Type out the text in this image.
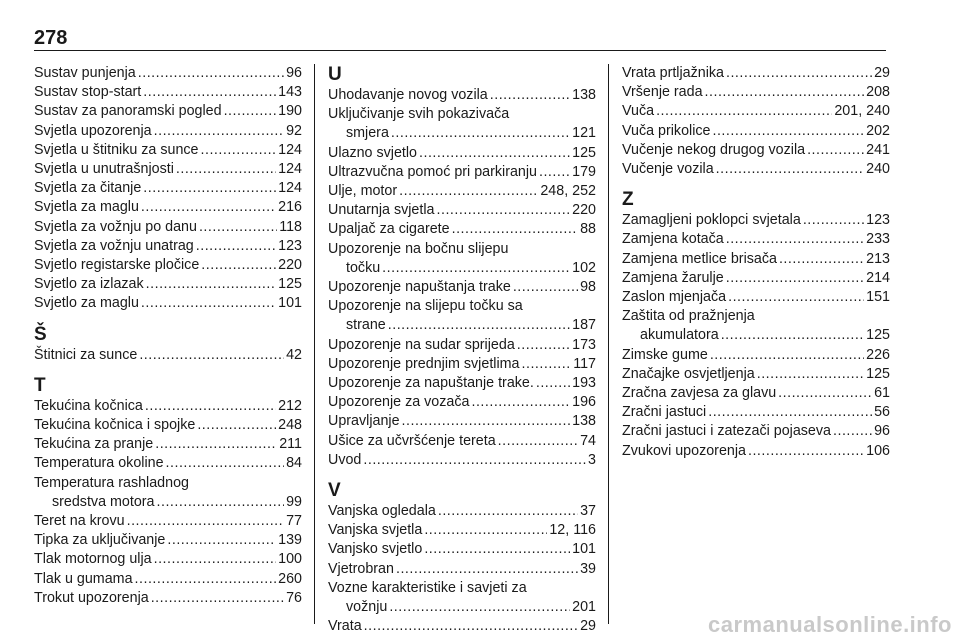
278
Sustav punjenja .....	96
Sustav stop-start .....	143
Sustav za panoramski pogled .....	190
Svjetla upozorenja .....	92
Svjetla u štitniku za sunce .....	124
Svjetla u unutrašnjosti .....	124
Svjetla za čitanje .....	124
Svjetla za maglu .....	216
Svjetla za vožnju po danu .....	118
Svjetla za vožnju unatrag .....	123
Svjetlo registarske pločice .....	220
Svjetlo za izlazak .....	125
Svjetlo za maglu .....	101
Š
Štitnici za sunce .....	42
T
Tekućina kočnica .....	212
Tekućina kočnica i spojke .....	248
Tekućina za pranje .....	211
Temperatura okoline .....	84
Temperatura rashladnog
sredstva motora .....	99
Teret na krovu .....	77
Tipka za uključivanje .....	139
Tlak motornog ulja .....	100
Tlak u gumama .....	260
Trokut upozorenja .....	76
U
Uhodavanje novog vozila .....	138
Uključivanje svih pokazivača
smjera .....	121
Ulazno svjetlo .....	125
Ultrazvučna pomoć pri parkiranju ..... 179
Ulje, motor .....	248, 252
Unutarnja svjetla .....	220
Upaljač za cigarete .....	88
Upozorenje na bočnu slijepu
točku .....	102
Upozorenje napuštanja trake .....	98
Upozorenje na slijepu točku sa
strane .....	187
Upozorenje na sudar sprijeda .....	173
Upozorenje prednjim svjetlima .....	117
Upozorenje za napuštanje trake. .....	193
Upozorenje za vozača .....	196
Upravljanje .....	138
Ušice za učvršćenje tereta .....	74
Uvod .....	3
V
Vanjska ogledala .....	37
Vanjska svjetla .....	12, 116
Vanjsko svjetlo .....	101
Vjetrobran .....	39
Vozne karakteristike i savjeti za
vožnju .....	201
Vrata .....	29
Vrata prtljažnika .....	29
Vršenje rada .....	208
Vuča .....	201, 240
Vuča prikolice .....	202
Vučenje nekog drugog vozila .....	241
Vučenje vozila .....	240
Z
Zamagljeni poklopci svjetala .....	123
Zamjena kotača .....	233
Zamjena metlice brisača .....	213
Zamjena žarulje .....	214
Zaslon mjenjača .....	151
Zaštita od pražnjenja
akumulatora .....	125
Zimske gume .....	226
Značajke osvjetljenja .....	125
Zračna zavjesa za glavu .....	61
Zračni jastuci .....	56
Zračni jastuci i zatezači pojaseva .....	96
Zvukovi upozorenja .....	106
carmanualsonline.info
